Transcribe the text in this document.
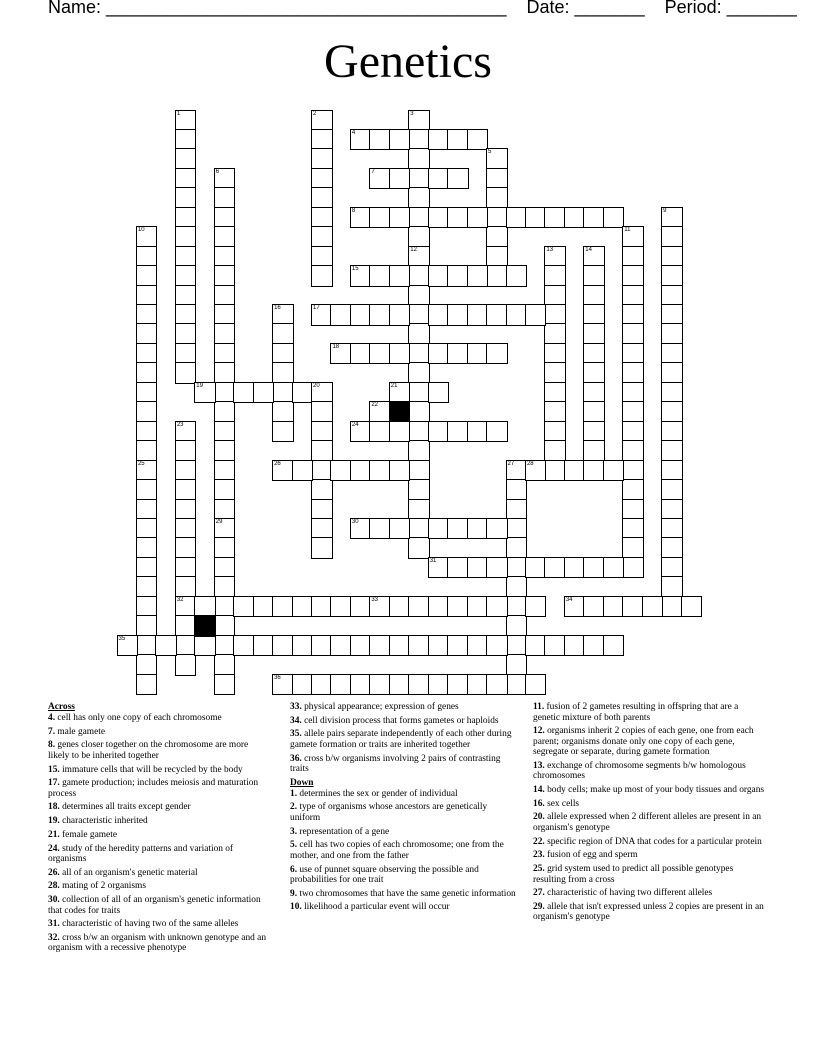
Name: ________________________________________ Date: _______ Period: _______
Genetics
1	2	3
12
4
5
6
29
7
8	9
10
25
11
13	14
15
16	17
18
19	20	21
22
23
32
24
26	27 28
30
31
33	34
35
36
Across
4. cell has only one copy of each chromosome
7. male gamete
8. genes closer together on the chromosome are more likely to be inherited together
15. immature cells that will be recycled by the body
17. gamete production; includes meiosis and maturation process
18. determines all traits except gender
19. characteristic inherited
21. female gamete
24. study of the heredity patterns and variation of organisms
26. all of an organism's genetic material
28. mating of 2 organisms
30. collection of all of an organism's genetic information that codes for traits
31. characteristic of having two of the same alleles
32. cross b/w an organism with unknown genotype and an organism with a recessive phenotype
33. physical appearance; expression of genes
34. cell division process that forms gametes or haploids
35. allele pairs separate independently of each other during gamete formation or traits are inherited together
36. cross b/w organisms involving 2 pairs of contrasting traits
Down
1. determines the sex or gender of individual
2. type of organisms whose ancestors are genetically uniform
3. representation of a gene
5. cell has two copies of each chromosome; one from the mother, and one from the father
6. use of punnet square observing the possible and probabilities for one trait
9. two chromosomes that have the same genetic information
10. likelihood a particular event will occur
11. fusion of 2 gametes resulting in offspring that are a genetic mixture of both parents
12. organisms inherit 2 copies of each gene, one from each parent; organisms donate only one copy of each gene, segregate or separate, during gamete formation
13. exchange of chromosome segments b/w homologous chromosomes
14. body cells; make up most of your body tissues and organs
16. sex cells
20. allele expressed when 2 different alleles are present in an organism's genotype
22. specific region of DNA that codes for a particular protein
23. fusion of egg and sperm
25. grid system used to predict all possible genotypes resulting from a cross
27. characteristic of having two different alleles
29. allele that isn't expressed unless 2 copies are present in an organism's genotype
